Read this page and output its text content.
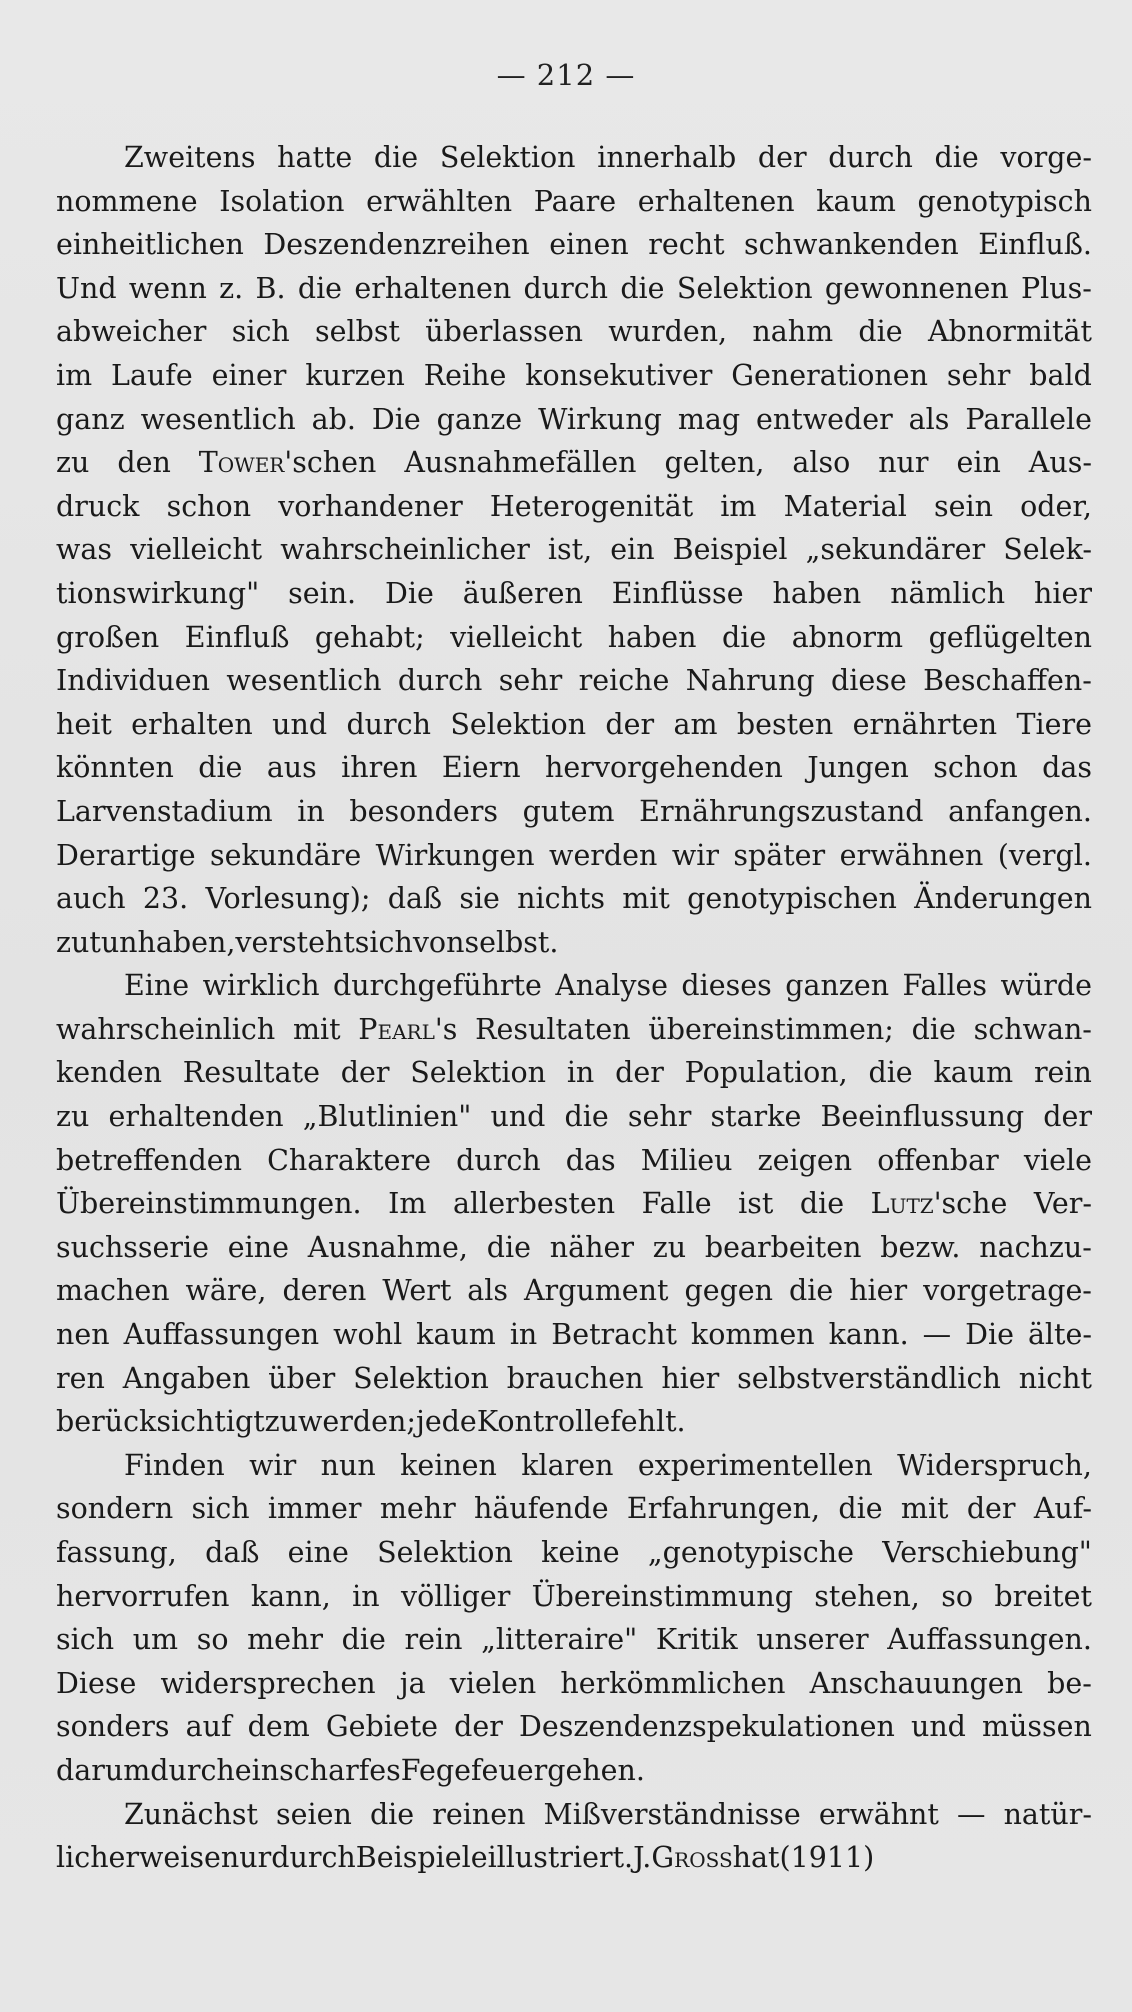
— 212 —
Zweitens hatte die Selektion innerhalb der durch die vorge-
nommene Isolation erwählten Paare erhaltenen kaum genotypisch
einheitlichen Deszendenzreihen einen recht schwankenden Einfluß.
Und wenn z. B. die erhaltenen durch die Selektion gewonnenen Plus-
abweicher sich selbst überlassen wurden, nahm die Abnormität
im Laufe einer kurzen Reihe konsekutiver Generationen sehr bald
ganz wesentlich ab. Die ganze Wirkung mag entweder als Parallele
zu den Tower'schen Ausnahmefällen gelten, also nur ein Aus-
druck schon vorhandener Heterogenität im Material sein oder,
was vielleicht wahrscheinlicher ist, ein Beispiel „sekundärer Selek-
tionswirkung" sein. Die äußeren Einflüsse haben nämlich hier
großen Einfluß gehabt; vielleicht haben die abnorm geflügelten
Individuen wesentlich durch sehr reiche Nahrung diese Beschaffen-
heit erhalten und durch Selektion der am besten ernährten Tiere
könnten die aus ihren Eiern hervorgehenden Jungen schon das
Larvenstadium in besonders gutem Ernährungszustand anfangen.
Derartige sekundäre Wirkungen werden wir später erwähnen (vergl.
auch 23. Vorlesung); daß sie nichts mit genotypischen Änderungen
zu tun haben, versteht sich von selbst.
Eine wirklich durchgeführte Analyse dieses ganzen Falles würde
wahrscheinlich mit Pearl's Resultaten übereinstimmen; die schwan-
kenden Resultate der Selektion in der Population, die kaum rein
zu erhaltenden „Blutlinien" und die sehr starke Beeinflussung der
betreffenden Charaktere durch das Milieu zeigen offenbar viele
Übereinstimmungen. Im allerbesten Falle ist die Lutz'sche Ver-
suchsserie eine Ausnahme, die näher zu bearbeiten bezw. nachzu-
machen wäre, deren Wert als Argument gegen die hier vorgetrage-
nen Auffassungen wohl kaum in Betracht kommen kann. — Die älte-
ren Angaben über Selektion brauchen hier selbstverständlich nicht
berücksichtigt zu werden; jede Kontrolle fehlt.
Finden wir nun keinen klaren experimentellen Widerspruch,
sondern sich immer mehr häufende Erfahrungen, die mit der Auf-
fassung, daß eine Selektion keine „genotypische Verschiebung"
hervorrufen kann, in völliger Übereinstimmung stehen, so breitet
sich um so mehr die rein „litteraire" Kritik unserer Auffassungen.
Diese widersprechen ja vielen herkömmlichen Anschauungen be-
sonders auf dem Gebiete der Deszendenzspekulationen und müssen
darum durch ein scharfes Fegefeuer gehen.
Zunächst seien die reinen Mißverständnisse erwähnt — natür-
licherweise nur durch Beispiele illustriert. J. Gross hat (1911)
